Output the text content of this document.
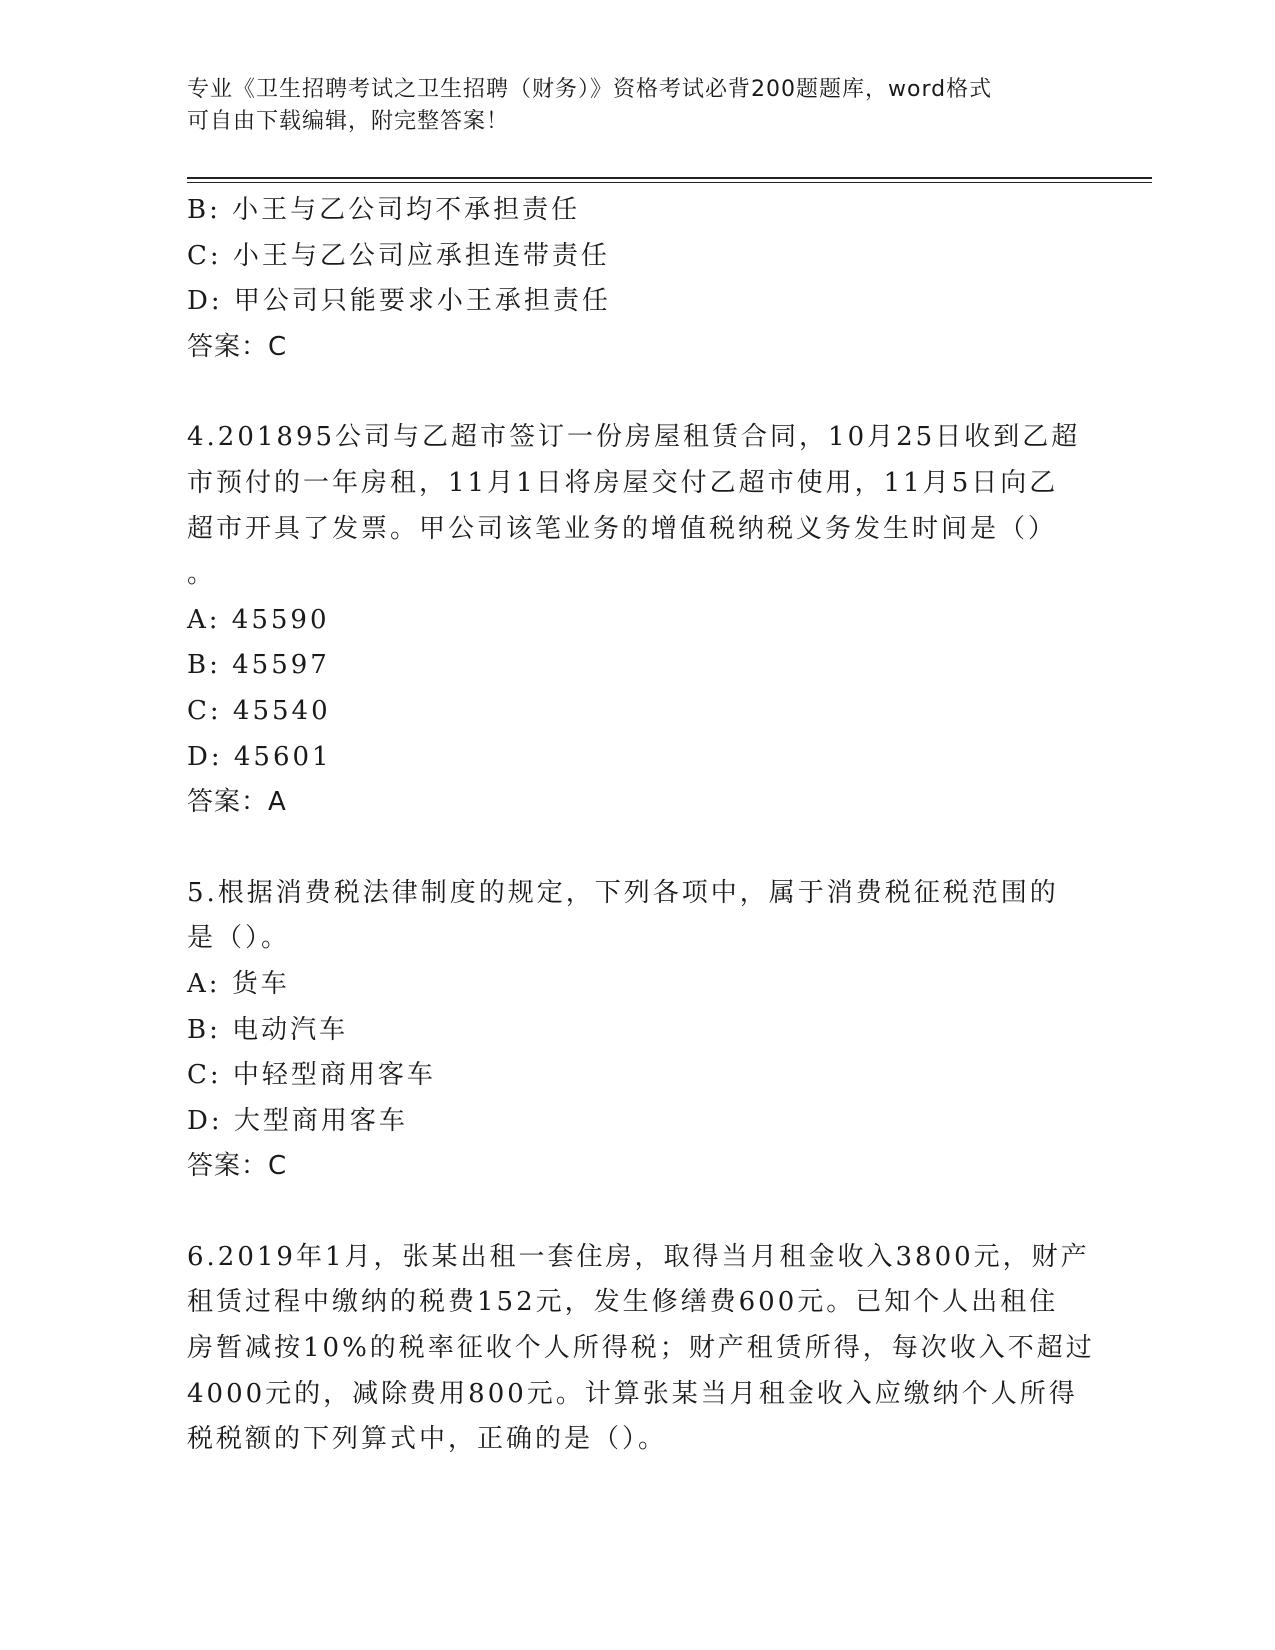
专业《卫生招聘考试之卫生招聘（财务）》资格考试必背200题题库，word格式
可自由下载编辑，附完整答案！
B: 小王与乙公司均不承担责任
C: 小王与乙公司应承担连带责任
D: 甲公司只能要求小王承担责任
答案：C
4.201895公司与乙超市签订一份房屋租赁合同，10月25日收到乙超
市预付的一年房租，11月1日将房屋交付乙超市使用，11月5日向乙
超市开具了发票。甲公司该笔业务的增值税纳税义务发生时间是（）
。
A: 45590
B: 45597
C: 45540
D: 45601
答案：A
5.根据消费税法律制度的规定，下列各项中，属于消费税征税范围的
是（）。
A: 货车
B: 电动汽车
C: 中轻型商用客车
D: 大型商用客车
答案：C
6.2019年1月，张某出租一套住房，取得当月租金收入3800元，财产
租赁过程中缴纳的税费152元，发生修缮费600元。已知个人出租住
房暂减按10%的税率征收个人所得税；财产租赁所得，每次收入不超过
4000元的，减除费用800元。计算张某当月租金收入应缴纳个人所得
税税额的下列算式中，正确的是（）。
